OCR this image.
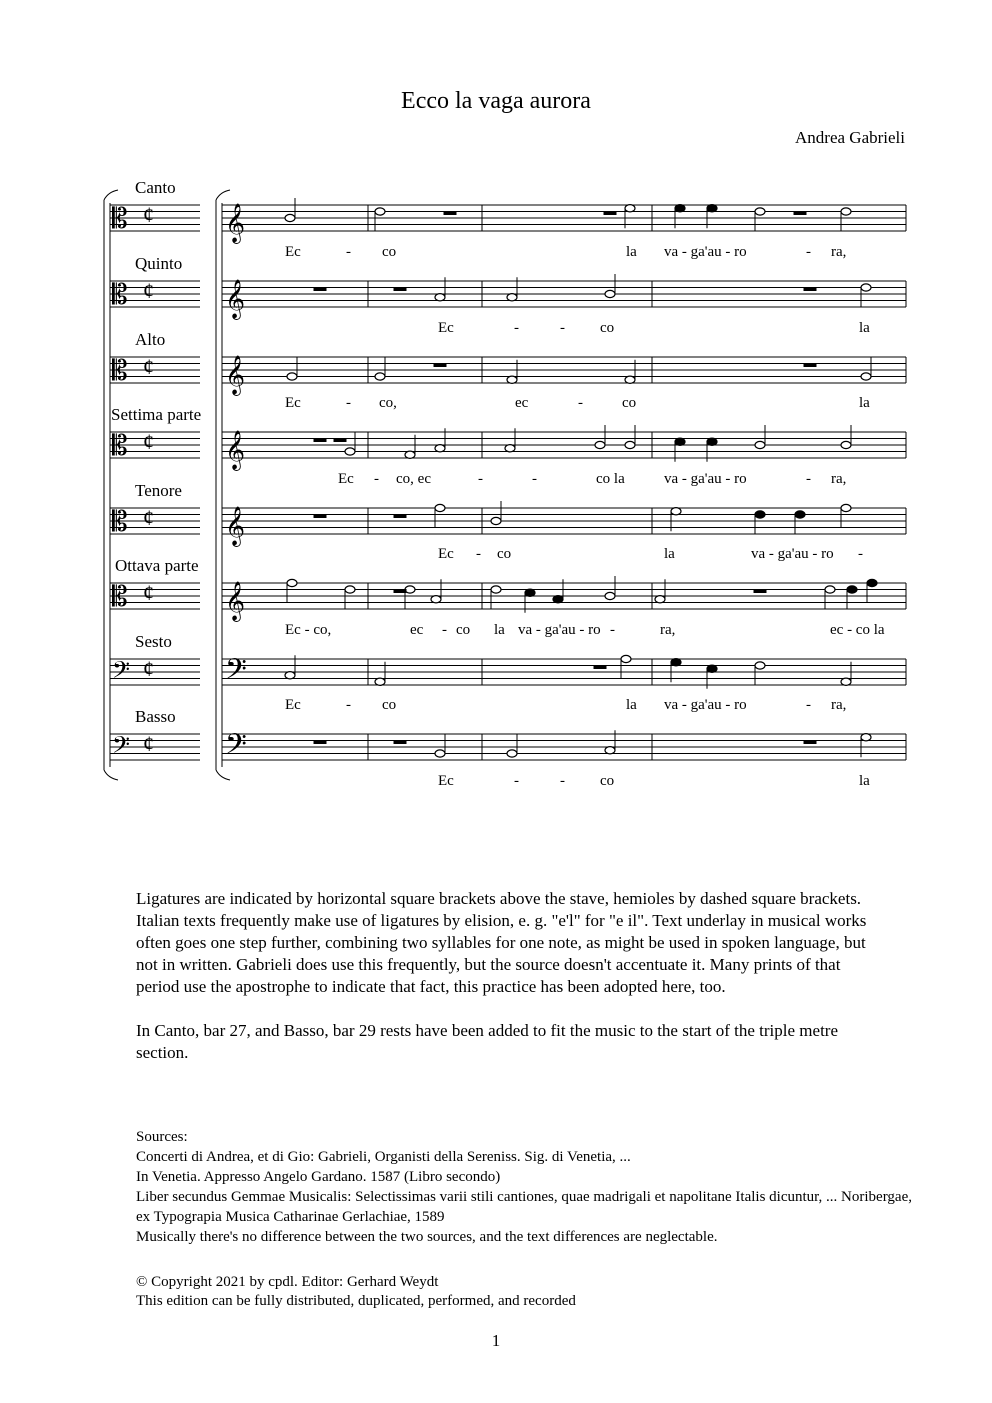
Ecco la vaga aurora
Andrea Gabrieli
Canto
Quinto
Alto
Settima parte
Tenore
Ottava parte
Sesto
Basso
𝄡
𝄡
𝄡
𝄡
𝄡
𝄡
𝄢
𝄢
¢
¢
¢
¢
¢
¢
¢
¢
𝄞
𝄞
𝄞
𝄞
𝄞
𝄞
𝄢
𝄢
Ec	- co	la va - ga'au - ro	- ra,
Ec	-	- co	la
Ec	- co,	ec	-	co	la
Ec - co, ec	-	-	co la	va - ga'au - ro	- ra,
Ec - co	la	va - ga'au - ro -
Ec - co,	ec - co la va - ga'au - ro -	ra,	ec - co la
Ec	- co	la va - ga'au - ro	- ra,
Ec	-	- co	la

Ligatures are indicated by horizontal square brackets above the stave, hemioles by dashed square brackets.

Italian texts frequently make use of ligatures by elision, e. g. "e'l" for "e il". Text underlay in musical works often goes one step further, combining two syllables for one note, as might be used in spoken language, but not in written. Gabrieli does use this frequently, but the source doesn't accentuate it. Many prints of that period use the apostrophe to indicate that fact, this practice has been adopted here, too.

In Canto, bar 27, and Basso, bar 29 rests have been added to fit the music to the start of the triple metre section.

Sources:
Concerti di Andrea, et di Gio: Gabrieli, Organisti della Sereniss. Sig. di Venetia, ...
In Venetia. Appresso Angelo Gardano. 1587 (Libro secondo)
Liber secundus Gemmae Musicalis: Selectissimas varii stili cantiones, quae madrigali et napolitane Italis dicuntur, ... Noribergae, ex Typograpia Musica Catharinae Gerlachiae, 1589
Musically there's no difference between the two sources, and the text differences are neglectable.
© Copyright 2021 by cpdl. Editor: Gerhard Weydt
This edition can be fully distributed, duplicated, performed, and recorded
1
